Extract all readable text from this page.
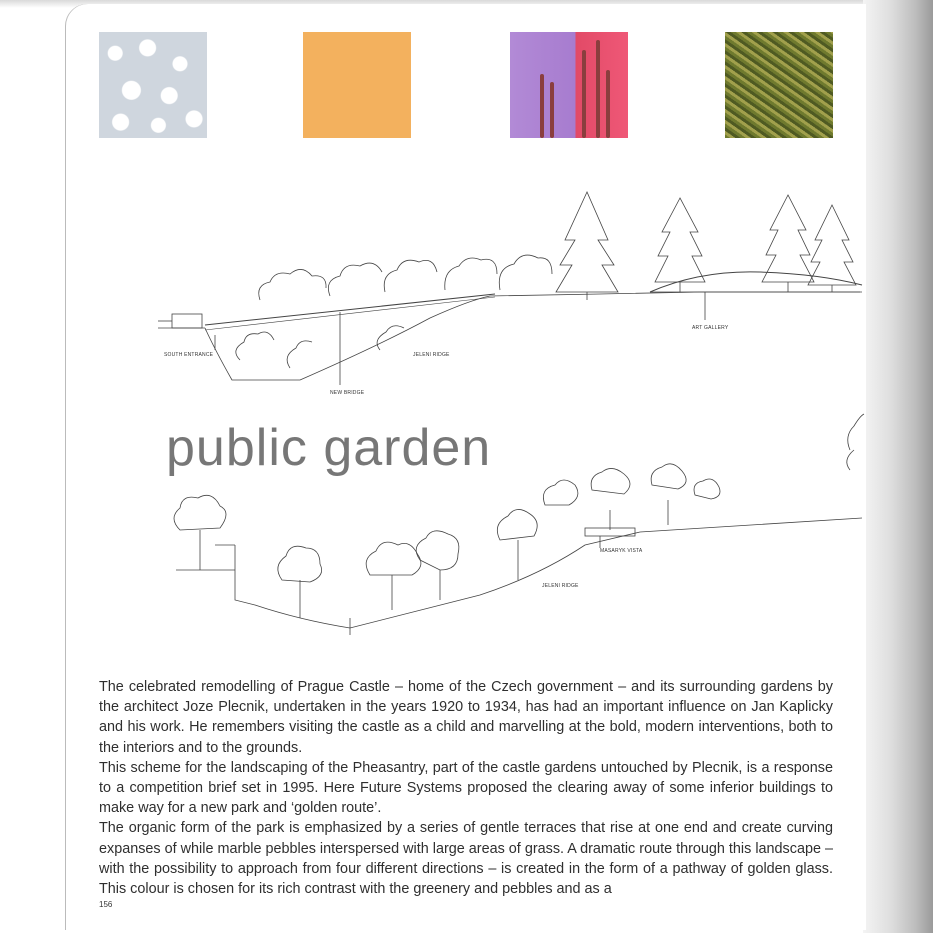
SOUTH ENTRANCE
NEW BRIDGE
JELENI RIDGE
ART GALLERY
public garden
JELENI RIDGE
MASARYK VISTA

The celebrated remodelling of Prague Castle – home of the Czech government – and its surrounding gardens by the architect Joze Plecnik, undertaken in the years 1920 to 1934, has had an important influence on Jan Kaplicky and his work. He remembers visiting the castle as a child and marvelling at the bold, modern interventions, both to the interiors and to the grounds.

This scheme for the landscaping of the Pheasantry, part of the castle gardens untouched by Plecnik, is a response to a competition brief set in 1995. Here Future Systems proposed the clearing away of some inferior buildings to make way for a new park and ‘golden route’.

The organic form of the park is emphasized by a series of gentle terraces that rise at one end and create curving expanses of while marble pebbles interspersed with large areas of grass. A dramatic route through this landscape – with the possibility to approach from four different directions – is created in the form of a pathway of golden glass. This colour is chosen for its rich contrast with the greenery and pebbles and as a

156
